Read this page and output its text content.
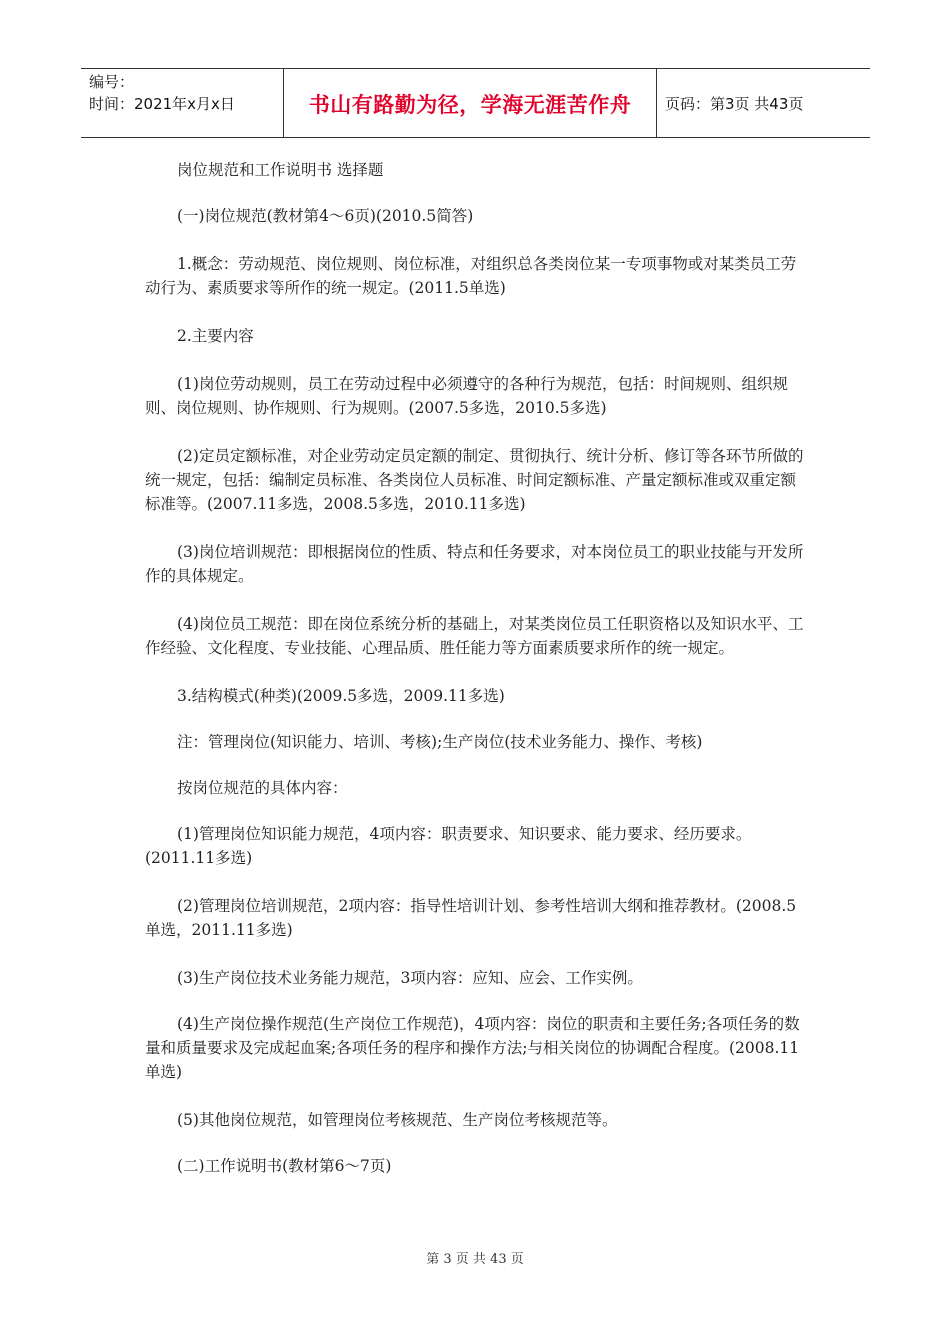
编号：
时间：2021年x月x日	书山有路勤为径，学海无涯苦作舟	页码：第3页 共43页

岗位规范和工作说明书 选择题

(一)岗位规范(教材第4～6页)(2010.5简答)

1.概念：劳动规范、岗位规则、岗位标准，对组织总各类岗位某一专项事物或对某类员工劳动行为、素质要求等所作的统一规定。(2011.5单选)

2.主要内容

(1)岗位劳动规则，员工在劳动过程中必须遵守的各种行为规范，包括：时间规则、组织规则、岗位规则、协作规则、行为规则。(2007.5多选，2010.5多选)

(2)定员定额标准，对企业劳动定员定额的制定、贯彻执行、统计分析、修订等各环节所做的统一规定，包括：编制定员标准、各类岗位人员标准、时间定额标准、产量定额标准或双重定额标准等。(2007.11多选，2008.5多选，2010.11多选)

(3)岗位培训规范：即根据岗位的性质、特点和任务要求，对本岗位员工的职业技能与开发所作的具体规定。

(4)岗位员工规范：即在岗位系统分析的基础上，对某类岗位员工任职资格以及知识水平、工作经验、文化程度、专业技能、心理品质、胜任能力等方面素质要求所作的统一规定。

3.结构模式(种类)(2009.5多选，2009.11多选)

注：管理岗位(知识能力、培训、考核);生产岗位(技术业务能力、操作、考核)

按岗位规范的具体内容：

(1)管理岗位知识能力规范，4项内容：职责要求、知识要求、能力要求、经历要求。(2011.11多选)

(2)管理岗位培训规范，2项内容：指导性培训计划、参考性培训大纲和推荐教材。(2008.5单选，2011.11多选)

(3)生产岗位技术业务能力规范，3项内容：应知、应会、工作实例。

(4)生产岗位操作规范(生产岗位工作规范)，4项内容：岗位的职责和主要任务;各项任务的数量和质量要求及完成起血案;各项任务的程序和操作方法;与相关岗位的协调配合程度。(2008.11单选)

(5)其他岗位规范，如管理岗位考核规范、生产岗位考核规范等。

(二)工作说明书(教材第6～7页)

第 3 页 共 43 页
